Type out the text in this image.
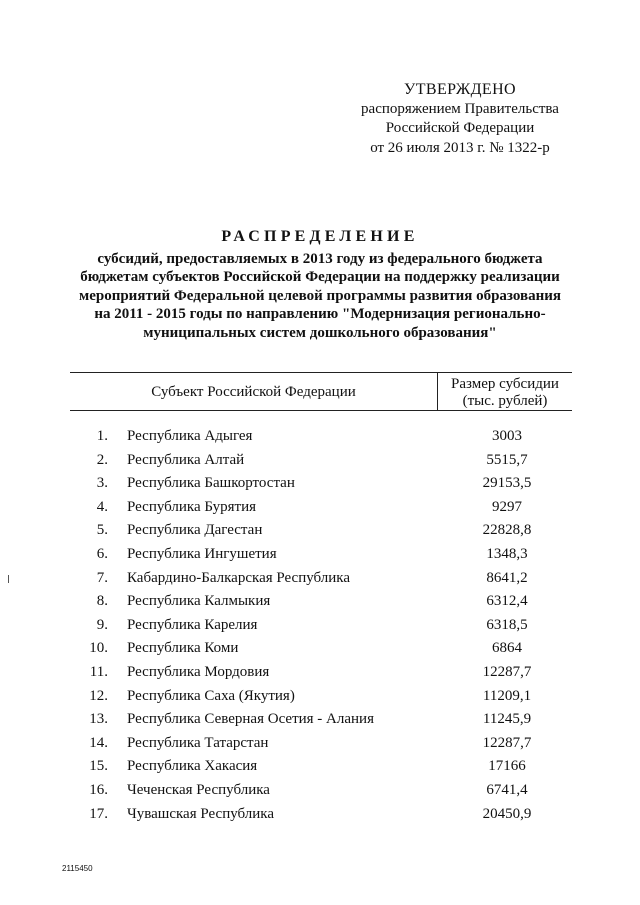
УТВЕРЖДЕНО
распоряжением Правительства
Российской Федерации
от 26 июля 2013 г. № 1322-р
РАСПРЕДЕЛЕНИЕ
субсидий, предоставляемых в 2013 году из федерального бюджета
бюджетам субъектов Российской Федерации на поддержку реализации
мероприятий Федеральной целевой программы развития образования
на 2011 - 2015 годы по направлению "Модернизация регионально-
муниципальных систем дошкольного образования"
Субъект Российской Федерации	Размер субсидии
(тыс. рублей)
1. Республика Адыгея	3003
2. Республика Алтай	5515,7
3. Республика Башкортостан	29153,5
4. Республика Бурятия	9297
5. Республика Дагестан	22828,8
6. Республика Ингушетия	1348,3
7. Кабардино-Балкарская Республика	8641,2
8. Республика Калмыкия	6312,4
9. Республика Карелия	6318,5
10. Республика Коми	6864
11. Республика Мордовия	12287,7
12. Республика Саха (Якутия)	11209,1
13. Республика Северная Осетия - Алания	11245,9
14. Республика Татарстан	12287,7
15. Республика Хакасия	17166
16. Чеченская Республика	6741,4
17. Чувашская Республика	20450,9
2115450
